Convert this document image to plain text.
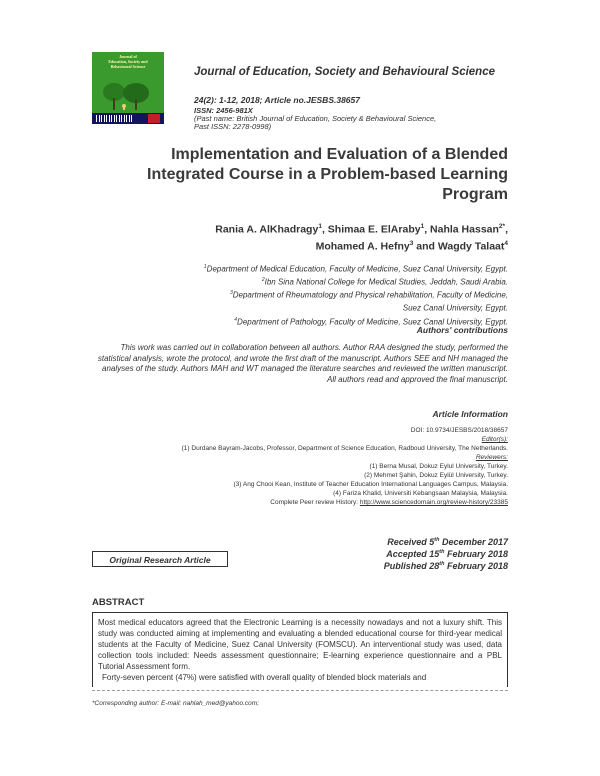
Journal of
Education, Society and
Behavioural Science	Journal of Education, Society and Behavioural Science
24(2): 1-12, 2018; Article no.JESBS.38657
ISSN: 2456-981X
(Past name: British Journal of Education, Society & Behavioural Science,
Past ISSN: 2278-0998)
Implementation and Evaluation of a Blended
Integrated Course in a Problem-based Learning
Program
Rania A. AlKhadragy$^1$, Shimaa E. ElAraby$^1$, Nahla Hassan$^{2*}$,
Mohamed A. Hefny$^3$ and Wagdy Talaat$^4$
$^1$Department of Medical Education, Faculty of Medicine, Suez Canal University, Egypt.
$^2$Ibn Sina National College for Medical Studies, Jeddah, Saudi Arabia.
$^3$Department of Rheumatology and Physical rehabilitation, Faculty of Medicine,
Suez Canal University, Egypt.
$^4$Department of Pathology, Faculty of Medicine, Suez Canal University, Egypt.
Authors' contributions
This work was carried out in collaboration between all authors. Author RAA designed the study, performed the statistical analysis, wrote the protocol, and wrote the first draft of the manuscript. Authors SEE and NH managed the analyses of the study. Authors MAH and WT managed the literature searches and reviewed the written manuscript. All authors read and approved the final manuscript.
Article Information
DOI: 10.9734/JESBS/2018/38657
Editor(s):
(1) Durdane Bayram-Jacobs, Professor, Department of Science Education, Radboud University, The Netherlands.
Reviewers:
(1) Berna Musal, Dokuz Eylul University, Turkey.
(2) Mehmet Şahin, Dokuz Eylül University, Turkey.
(3) Ang Chooi Kean, Institute of Teacher Education International Languages Campus, Malaysia.
(4) Fariza Khalid, Universiti Kebangsaan Malaysia, Malaysia.
Complete Peer review History: http://www.sciencedomain.org/review-history/23385
Original Research Article
Received 5th December 2017
Accepted 15th February 2018
Published 28th February 2018
ABSTRACT

Most medical educators agreed that the Electronic Learning is a necessity nowadays and not a luxury shift. This study was conducted aiming at implementing and evaluating a blended educational course for third-year medical students at the Faculty of Medicine, Suez Canal University (FOMSCU). An interventional study was used, data collection tools included: Needs assessment questionnaire; E-learning experience questionnaire and a PBL Tutorial Assessment form.

Forty-seven percent (47%) were satisfied with overall quality of blended block materials and

*Corresponding author: E-mail: nahlah_med@yahoo.com;
